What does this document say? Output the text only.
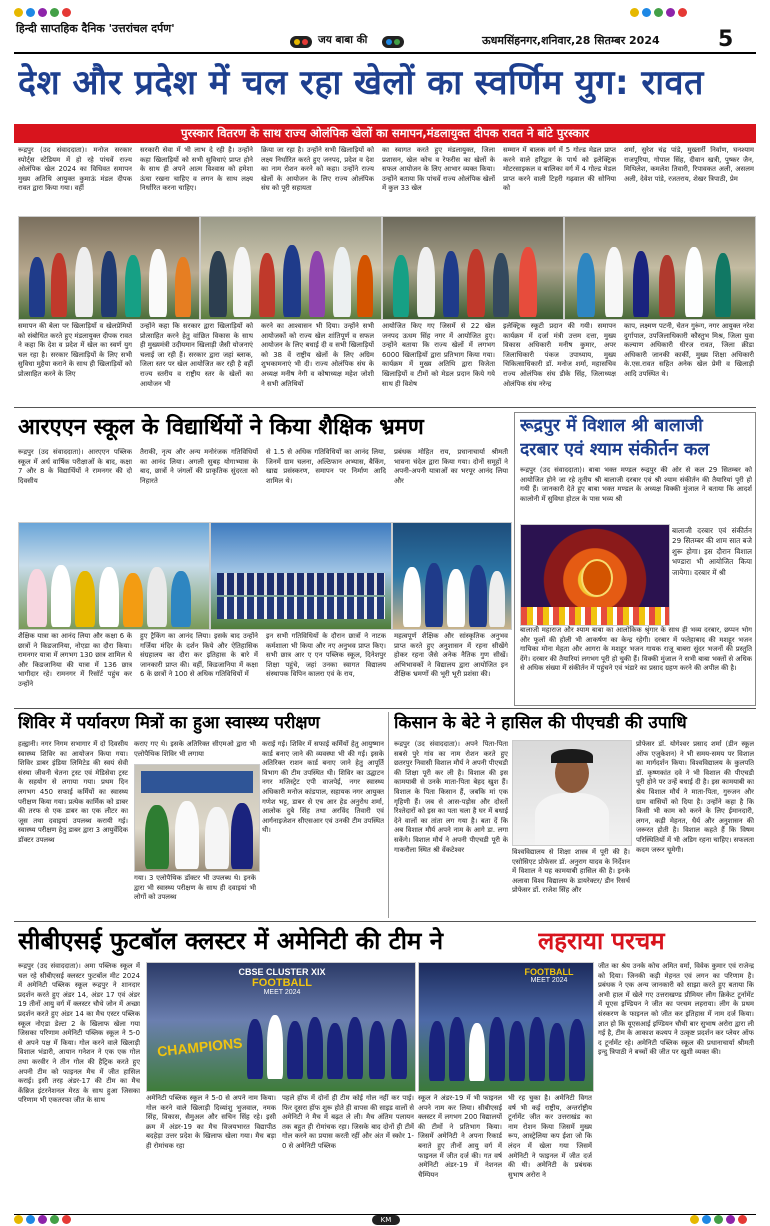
हिन्दी साप्तहिक दैनिक 'उत्तरांचल दर्पण'
जय बाबा की	ऊधमसिंहनगर,शनिवार,28 सितम्बर 2024	5
देश और प्रदेश में चल रहा खेलों का स्वर्णिम युग: रावत
पुरस्कार वितरण के साथ राज्य ओलंपिक खेलों का समापन,मंडलायुक्त दीपक रावत ने बांटे पुरस्कार
रूद्रपुर (उद संवाददाता)। मनोज सरकार स्पोर्ट्स स्टेडियम में हो रहे पांचवें राज्य ओलंपिक खेल 2024 का विधिवत समापन मुख्य अतिथि आयुक्त कुमाऊं मंडल दीपक रावत द्वारा किया गया। वहीं
सरकारी सेवा में भी लाभ दे रही है। उन्होंने कहा खिलाड़ियों को सभी सुविधाएं प्राप्त होने के साथ ही अपने आत्म विश्वास को हमेशा ऊंचा रखना चाहिए व लगन के साथ लक्ष्य निर्धारित करना चाहिए।
क्रिया जा रहा है। उन्होंने सभी खिलाड़ियों को लक्ष्य निर्धारित करते हुए जनपद, प्रदेश व देश का नाम रोशन करने को कहा। उन्होंने राज्य खेलों के आयोजन के लिए राज्य ओलंपिक संघ को पूरी सहायता
का स्वागत करते हुए मंडलायुक्त, जिला प्रशासन, खेल कोच व रेफरीस का खेलों के सफल आयोजन के लिए आभार व्यक्त किया। उन्होंने बताया कि पांचवें राज्य ओलंपिक खेलों में कुल 33 खेल
सम्मान में बालक वर्ग में 5 गोल्ड मेडल प्राप्त करने वाले हरिद्वार के पार्थ को इलेक्ट्रिक मोटरसाइकल व बालिका वर्ग में 4 गोल्ड मेडल प्राप्त करने वाली टिहरी गढ़वाल की सोनिया को
शर्मा, सुरेश चंद्र पांडे, मुख्तार्री निर्वाण, घनश्याम राजपूरिया, गोपाल सिंह, दीवान खत्री, पुष्कर जैन, मिथिलेश, कमलेश तिवारी, रिपावकत अली, असलम अली, देवेश पांडे, रजतराय, शेखर त्रिपाठी, प्रेम
समापन की बेला पर खिलाड़ियों व खेलप्रेमियों को संबोधित करते हुए मंडलायुक्त दीपक रावत ने कहा कि देश व प्रदेश में खेल का स्वर्ण युग चल रहा है। सरकार खिलाड़ियों के लिए सभी सुविधा मुहैया कराने के साथ ही खिलाड़ियों को प्रोत्साहित करने के लिए
उन्होंने कहा कि सरकार द्वारा खिलाड़ियों को प्रोत्साहित करने हेतु वांछित विकास के साथ ही मुख्यमंत्री उदीयमान खिलाड़ी जैसी योजनाएं चलाई जा रही हैं। सरकार द्वारा जहां ब्लाक, जिला स्तर पर खेल आयोजित कर रही है वहीं राज्य स्तरीय व राष्ट्रीय स्तर के खेलों का आयोजन भी
करने का आश्वासन भी दिया। उन्होंने सभी आयोजकों को राज्य खेल शांतिपूर्ण व सफल आयोजन के लिए बधाई दी व सभी खिलाड़ियों को 38 वें राष्ट्रीय खेलों के लिए अग्रिम शुभकामनाएं भी दी। राज्य ओलंपिक संघ के अध्यक्ष मनीष नेगी व कोषाध्यक्ष महेश जोशी ने सभी अतिथियों
आयोजित किए गए जिसमें से 22 खेल जनपद ऊधम सिंह नगर में आयोजित हुए। उन्होंने बताया कि राज्य खेलों में लगभग 6000 खिलाड़ियों द्वारा प्रतिभाग किया गया। कार्यक्रम में मुख्य अतिथि द्वारा विजेता खिलाड़ियों व टीमों को मेडल प्रदान किये गये साथ ही विशेष
इलेक्ट्रिक स्कूटी प्रदान की गयी। समापन कार्यक्रम में दर्जा मंत्री उत्तम दत्ता, मुख्य विकास अधिकारी मनीष कुमार, अपर जिलाधिकारी पंकज उपाध्याय, मुख्य चिकित्साधिकारी डॉ. मनोज शर्मा, महासचिव राज्य ओलंपिक संघ डीके सिंह, जिलाध्यक्ष ओलंपिक संघ नरेन्द्र
काप, लक्ष्मण पटनी, चेतन गुरूंग, नगर आयुक्त नरेश दुर्गापाल, उपजिलाधिकारी कौस्तुभ मिश्र, जिला युवा कल्याण अधिकारी धीरज रावत, जिला क्रीडा अधिकारी जानकी कार्की, मुख्य शिक्षा अधिकारी के.एस.रावत सहित अनेक खेल प्रेमी व खिलाड़ी आदि उपस्थित थे।
आरएएन स्कूल के विद्यार्थियों ने किया शैक्षिक भ्रमण
रूद्रपुर (उद संवाददाता)। आरएएन पब्लिक स्कूल में अर्ध वार्षिक परीक्षाओं के बाद, कक्षा 7 और 8 के विद्यार्थियों ने रामनगर की दो दिवसीय
तैराकी, नृत्य और अन्य मनोरंजक गतिविधियों का आनंद लिया। अगली सुबह योगाभ्यास के बाद, छात्रों ने जंगलों की प्राकृतिक सुंदरता को निहारते
से 1.5 से अधिक गतिविधियों का आनंद लिया, जिनमें ग्राम चलना, अल्ठिफान अभ्यास, बैकिंग, खाद्य प्रसंस्करण, समापन पर निर्माण आदि शामिल थे।
प्रबंधक मोहित राय, प्रधानाचार्या श्रीमती भावना चंदेल द्वारा किया गया। दोनों समूहों ने अपनी-अपनी यात्राओं का भरपूर आनंद लिया और
शैक्षिक यात्रा का आनंद लिया और कक्षा 6 के छात्रों ने किडजानिया, नोएडा का दौरा किया। रामनगर यात्रा में लगभग 130 छात्र शामिल थे और किडजानिया की यात्रा में 136 छात्र भागीदार रहे। रामनगर में रिसॉर्ट पहुंच कर उन्होंने
हुए ट्रैकिंग का आनंद लिया। इसके बाद उन्होंने गर्जिया मंदिर के दर्शन किये और ऐतिहासिक संग्रहालय का दौरा कर इतिहास के बारे में जानकारी प्राप्त की। वहीं, किडजानिया में कक्षा 6 के छात्रों ने 100 से अधिक गतिविधियों में
इन सभी गतिविधियों के दौरान छात्रों ने नाटक कर्मशाला भी किया और नए अनुभव प्राप्त किए। सभी छात्र आर ए एन पब्लिक स्कूल, दिनेशपुर शिक्षा पहुंचे, जहां उनका स्वागत विद्यालय संस्थापक विपिन कालरा एवं के राय,
महत्वपूर्ण शैक्षिक और सांस्कृतिक अनुभव प्राप्त करते हुए अनुशासन में रहना सीखेंगे होकर रहना जैसे अनेक नैतिक गुण सीखें। अभिभावकों ने विद्यालय द्वारा आयोजित इन शैक्षिक भ्रमणों की भूरी भूरी प्रशंसा की।
रूद्रपुर में विशाल श्री बालाजी
दरबार एवं श्याम संकीर्तन कल
रूद्रपुर (उद संवाददाता)। बाबा भक्त मण्डल रूद्रपुर की ओर से कल 29 सितम्बर को आयोजित होने जा रहे तृतीय श्री बालाजी दरबार एवं श्री श्याम संकीर्तन की तैयारियां पूरी हो गयी हैं। जानकारी देते हुए बाबा भक्त मण्डल के अध्यक्ष विक्की मुंजाल ने बताया कि आदर्श कालोनी में सुविधा होटल के पास भव्य श्री
बालाजी दरबार एवं संकीर्तन 29 सितम्बर की शाम सात बजे शुरू होगा। इस दौरान विशाल भण्डारा भी आयोजित किया जायेगा। दरबार में श्री
बालाजी महाराज और श्याम बाबा का आलोकिक श्रृंगार के साथ ही भव्य दरबार, छप्पन भोग और फूलों की होली भी आकर्षण का केन्द्र रहेगी। दरबार में फतेहाबाद की मशहूर भजन गायिका मोना मेहता और आगरा के मशहूर भजन गायक राजू बाबरा सुंदर भजनों की प्रस्तुति देंगे। दरबार की तैयारियां लगभग पूरी हो चुकी हैं। विक्की मुंजाल ने सभी बाबा भक्तों से अधिक से अधिक संख्या में संकीर्तन में पहुंचने एवं भंडारे का प्रसाद ग्रहण करने की अपील की है।
शिविर में पर्यावरण मित्रों का हुआ स्वास्थ्य परीक्षण
हल्द्वानी। नगर निगम सभागार में दो दिवसीय स्वास्थ्य शिविर का आयोजन किया गया। शिविर डाबर इंडिया लिमिटेड की स्वयं सेवी संस्था जीवनी चेतना ट्रस्ट एवं मेडिसेवा ट्रस्ट के सहयोग से लगाया गया। प्रथम दिन लगभग 450 सफाई कर्मियों का स्वास्थ्य परीक्षण किया गया। प्रत्येक कार्मिक को डाबर की तरफ से एक डाबर का एक लीटर का जूस तथा दवाइयां उपलब्ध करायी गई। स्वास्थ्य परीक्षण हेतु डाबर द्वारा 3 आयुर्वेदिक डॉक्टर उपलब्ध
कराए गए थे। इसके अतिरिक्त सीएमओ द्वारा भी एलोपैथिक शिविर भी लगाया
गया। 3 एलोपैथिक डॉक्टर भी उपलब्ध थे। इनके द्वारा भी स्वास्थ्य परीक्षण के साथ ही दवाइयां भी लोगों को उपलब्ध
कराई गई। शिविर में सफाई कर्मियों हेतु आयुष्मान कार्ड बनाए जाने की व्यवस्था भी की गई। इसके अतिरिक्त राशन कार्ड बनाए जाने हेतु आपूर्ति विभाग की टीम उपस्थित थी। शिविर का उद्घाटन नगर मजिस्ट्रेट एपी वाजपेई, नगर स्वास्थ्य अधिकारी मनोज कांडपाल, सहायक नगर आयुक्त गणेश भट्ट, डाबर से एच आर हेड अनुरोध शर्मा, आलोक दुबे सिंह तथा अरविंद तिवारी एवं आर्गनाइजेशन सीएसआर एवं उनकी टीम उपस्थित थी।
किसान के बेटे ने हासिल की पीएचडी की उपाधि
रूद्रपुर (उद संवाददाता)। अपने पिता-पिता सबसे पुरे गांव का नाम रोशन करते हुए छतरपुर निवासी विशाल मौर्य ने अपनी पीएचडी की शिक्षा पूरी कर ली है। विशाल की इस कामयाबी से उनके माता-पिता बेहद खुश हैं। विशाल के पिता किसान हैं, जबकि मां एक गृहिणी हैं। जब से आस-पड़ोस और दोस्तों रिश्तेदारों को इस का पता चला है घर में बधाई देने वालों का तांता लग गया है। बता दें कि अब विशाल मौर्य अपने नाम के आगे डा. लगा सकेंगे। विशाल मौर्य ने अपनी पीएचडी पूरी के गाकरौला स्थित श्री वेंकटेश्वर	विश्वविद्यालय से शिक्षा शास्त्र में पूरी की है। एसोसिएट प्रोफेसर डॉ. अनुराग यादव के निर्देशन में विशाल ने यह कामयाबी हासिल की है। इनके अलावा विश्व विद्यालय के डायरेक्टर/ डीन रिसर्च प्रोफेसर डॉ. राजेश सिंह और
प्रोफेसर डॉ. योगेश्वर प्रसाद शर्मा (डीन स्कूल ऑफ एजुकेशन) ने भी समय-समय पर विशाल का मार्गदर्शन किया। विश्वविद्यालय के कुलपति डॉ. कृष्णकांत दवे ने भी विशाल की पीएचडी पूरी होने पर उन्हें बधाई दी है। इस कामयाबी का श्रेय विशाल मौर्य ने माता-पिता, गुरुजन और ग्राम वासियों को दिया है। उन्होंने कहा है कि किसी भी काम को करने के लिए ईमानदारी, लगन, कड़ी मेहनत, धैर्य और अनुशासन की जरूरत होती है। विशाल कहते हैं कि विषम परिस्थितियों में भी अडिग रहना चाहिए। सफलता कदम जरूर चूमेगी।
सीबीएसई फुटबॉल क्लस्टर में अमेनिटी की टीम ने	लहराया परचम
रूद्रपुर (उद संवाददाता)। अमा पब्लिक स्कूल में चल रहे सीबीएसई क्लस्टर फुटबॉल मीट 2024 में अमेनिटी पब्लिक स्कूल रूद्रपुर ने शानदार प्रदर्शन करते हुए अंडर 14, अंडर 17 एवं अंडर 19 तीनों आयु वर्ग में क्लस्टर चौथे जोन में अच्छा प्रदर्शन करते हुए अंडर 14 का मैच एस्टर पब्लिक स्कूल नोएडा डेल्टा 2 के खिलाफ खेला गया जिसका परिणाम अमेनिटी पब्लिक स्कूल ने 5-0 से अपने पक्ष में किया। गोल करने वाले खिलाड़ी विशाल भंडारी, आयान गनेशन ने एक एक गोल तथा करवीर ने तीन गोल की हैट्रिक करते हुए अपनी टीम को फाइनल मैच में जीत हासिल कराई। इसी तरह अंडर-17 की टीम का मैच केंब्रिज इंटरनेशनल मेरठ के साथ हुआ जिसका परिणाम भी एकतरफा जीत के साथ
CBSE CLUSTER XIX
FOOTBALL
MEET 2024
CHAMPIONS
FOOTBALL
MEET 2024
अमेनिटी पब्लिक स्कूल ने 5-0 से अपने नाम किया। गोल करने वाले खिलाड़ी दिव्यांशु भुजवाल, नमक सिंह, विकास, सैमुअल और सचिन सिंह रहे। इसी क्रम में अंडर-19 का मैच विजयभारत विद्यापीठ बदहेड़ा उत्तर प्रदेश के खिलाफ खेला गया। मैच बड़ा ही रोमांचक रहा
पहले हॉफ में दोनों ही टीम कोई गोल नहीं कर पाई। फिर दूसरा हॉफ शुरू होते ही वापस की साइड वालों से अमेनिटी ने मैच में बढ़त ले ली। मैच अंतिम पलायन तक बहुत ही रोमांचक रहा। जिसके बाद दोनों ही टीमें गोल करने का प्रयास करती रहीं और अंत में स्कोर 1-0 से अमेनिटी पब्लिक
स्कूल ने अंडर-19 में भी फाइनल अपने नाम कर लिया। सीबीएसई क्लस्टर में लगभग 200 विद्यालयों की टीमों ने प्रतिभाग किया। जिसमें अमेनिटी ने अपना रिकार्ड बनाते हुए तीनों आयु वर्ग में फाइनल में जीत दर्ज की। गत वर्ष अमेनिटी अंडर-19 में नेशनल चैम्पियन
भी रह चुका है। अमेनिटी विगत वर्ष भी कई राष्ट्रीय, अन्तर्राष्ट्रीय टूर्नामेंट जीत कर उत्तराखंड का नाम रोशन किया जिसमें मुख्य रूप, आस्ट्रेलिया कप ईशा जो कि लंदन में खेला गया जिसमें अमेनिटी ने फाइनल में जीत दर्ज की थी। अमेनिटी के प्रबंधक सुभाष अरोरा ने
जीत का श्रेय उनके कोच अमित वर्मा, विवेक कुमार एवं राजेन्द्र को दिया। जिनकी कड़ी मेहनत एवं लगन का परिणाम है। प्रबंधक ने एक अन्य जानकारी को साझा करते हुए बताया कि अभी हाल में खेले गए उत्तराखण्ड प्रीमियर लीग क्रिकेट टूर्नामेंट में यूएस इण्डियन ने जीत का परचम लहराया। लीग के प्रथम संस्करण के फाइनल को जीत कर इतिहास में नाम दर्ज किया। ज्ञात हो कि यूएसआई इण्डियन चौथी बार सुभाष अरोरा द्वारा ली गई है, टीम के आकाश कश्यप ने उत्कृष्ट प्रदर्शन कर प्लेयर ऑफ द टूर्नामेंट रहे। अमेनिटी पब्लिक स्कूल की प्रधानाचार्या श्रीमती इन्दु त्रिपाठी ने बच्चों की जीत पर खुशी व्यक्त की।
KM
